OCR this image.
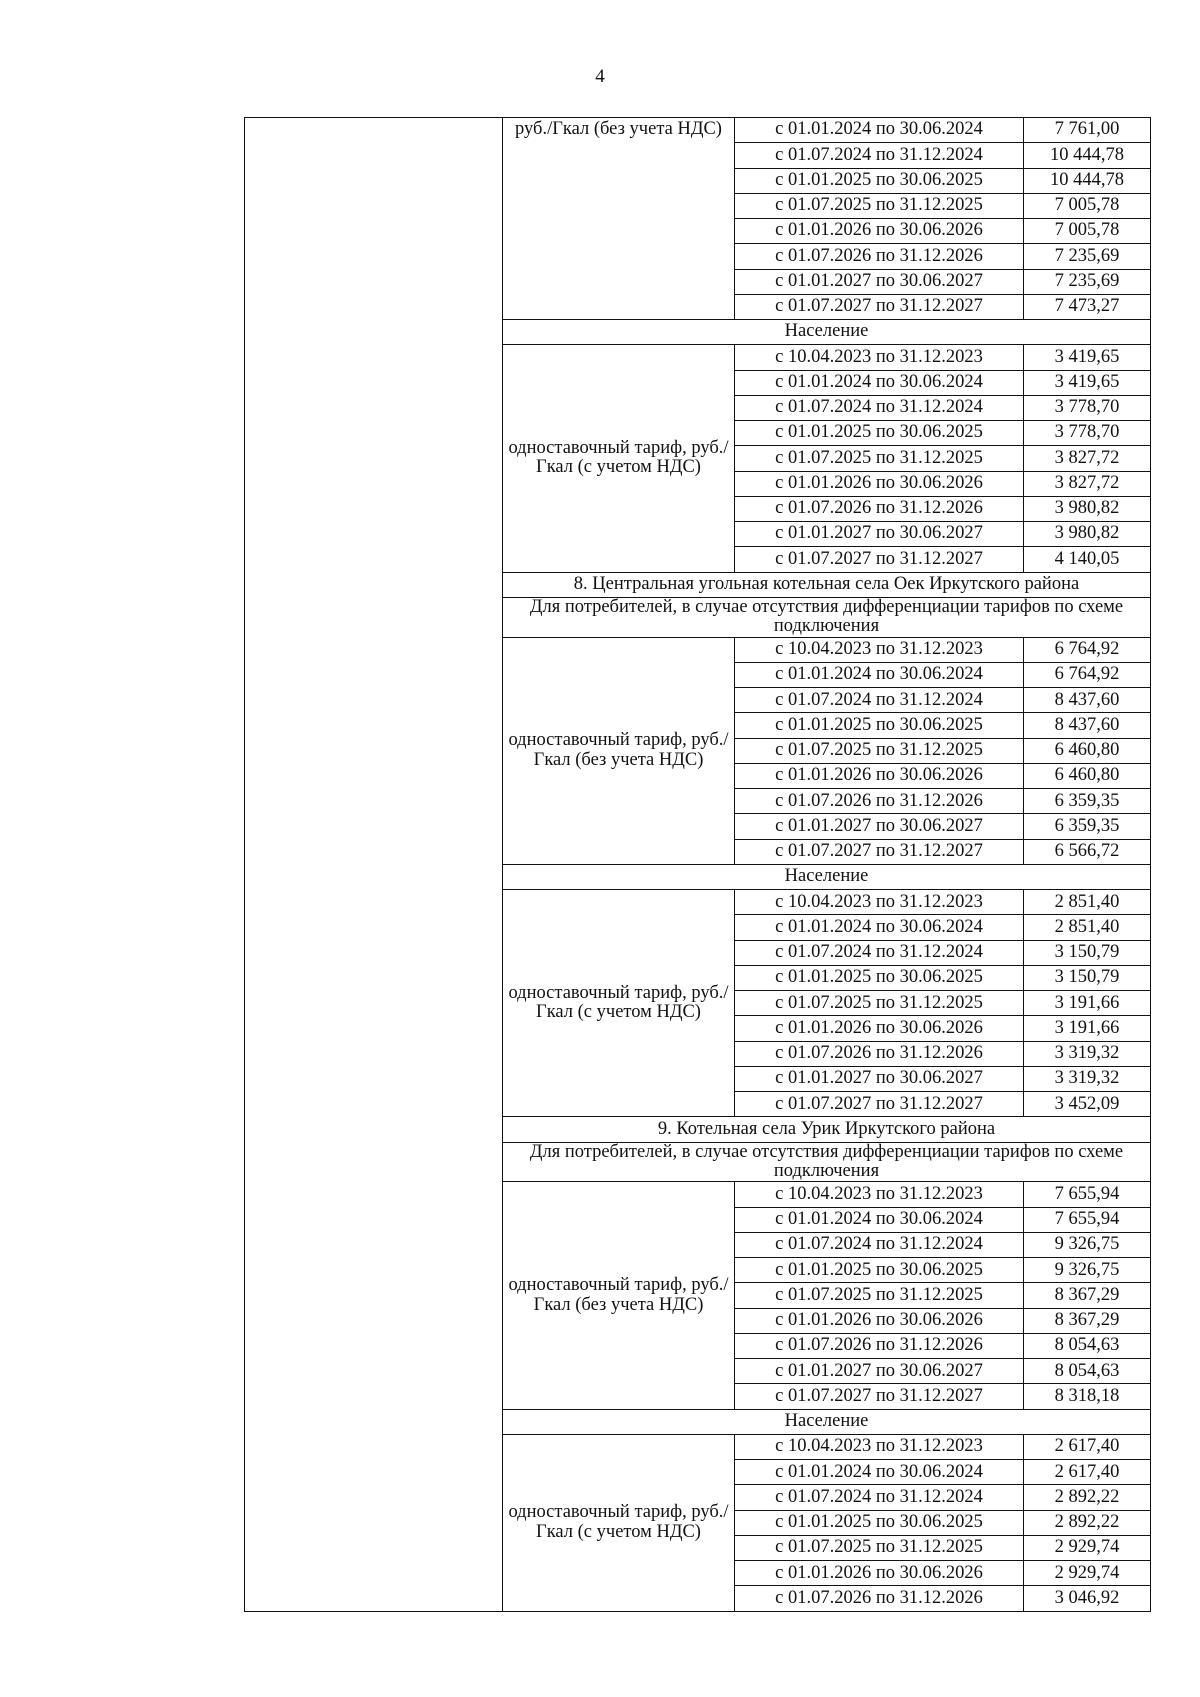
4
	руб./Гкал (без учета НДС)	с 01.01.2024 по 30.06.2024	7 761,00
		с 01.07.2024 по 31.12.2024	10 444,78
		с 01.01.2025 по 30.06.2025	10 444,78
		с 01.07.2025 по 31.12.2025	7 005,78
		с 01.01.2026 по 30.06.2026	7 005,78
		с 01.07.2026 по 31.12.2026	7 235,69
		с 01.01.2027 по 30.06.2027	7 235,69
		с 01.07.2027 по 31.12.2027	7 473,27
	Население		
	одноставочный тариф, руб./Гкал (с учетом НДС)	с 10.04.2023 по 31.12.2023	3 419,65
		с 01.01.2024 по 30.06.2024	3 419,65
		с 01.07.2024 по 31.12.2024	3 778,70
		с 01.01.2025 по 30.06.2025	3 778,70
		с 01.07.2025 по 31.12.2025	3 827,72
		с 01.01.2026 по 30.06.2026	3 827,72
		с 01.07.2026 по 31.12.2026	3 980,82
		с 01.01.2027 по 30.06.2027	3 980,82
		с 01.07.2027 по 31.12.2027	4 140,05
	8. Центральная угольная котельная села Оек Иркутского района		
	Для потребителей, в случае отсутствия дифференциации тарифов по схеме подключения		
	одноставочный тариф, руб./Гкал (без учета НДС)	с 10.04.2023 по 31.12.2023	6 764,92
		с 01.01.2024 по 30.06.2024	6 764,92
		с 01.07.2024 по 31.12.2024	8 437,60
		с 01.01.2025 по 30.06.2025	8 437,60
		с 01.07.2025 по 31.12.2025	6 460,80
		с 01.01.2026 по 30.06.2026	6 460,80
		с 01.07.2026 по 31.12.2026	6 359,35
		с 01.01.2027 по 30.06.2027	6 359,35
		с 01.07.2027 по 31.12.2027	6 566,72
	Население		
	одноставочный тариф, руб./Гкал (с учетом НДС)	с 10.04.2023 по 31.12.2023	2 851,40
		с 01.01.2024 по 30.06.2024	2 851,40
		с 01.07.2024 по 31.12.2024	3 150,79
		с 01.01.2025 по 30.06.2025	3 150,79
		с 01.07.2025 по 31.12.2025	3 191,66
		с 01.01.2026 по 30.06.2026	3 191,66
		с 01.07.2026 по 31.12.2026	3 319,32
		с 01.01.2027 по 30.06.2027	3 319,32
		с 01.07.2027 по 31.12.2027	3 452,09
	9. Котельная села Урик Иркутского района		
	Для потребителей, в случае отсутствия дифференциации тарифов по схеме подключения		
	одноставочный тариф, руб./Гкал (без учета НДС)	с 10.04.2023 по 31.12.2023	7 655,94
		с 01.01.2024 по 30.06.2024	7 655,94
		с 01.07.2024 по 31.12.2024	9 326,75
		с 01.01.2025 по 30.06.2025	9 326,75
		с 01.07.2025 по 31.12.2025	8 367,29
		с 01.01.2026 по 30.06.2026	8 367,29
		с 01.07.2026 по 31.12.2026	8 054,63
		с 01.01.2027 по 30.06.2027	8 054,63
		с 01.07.2027 по 31.12.2027	8 318,18
	Население		
	одноставочный тариф, руб./Гкал (с учетом НДС)	с 10.04.2023 по 31.12.2023	2 617,40
		с 01.01.2024 по 30.06.2024	2 617,40
		с 01.07.2024 по 31.12.2024	2 892,22
		с 01.01.2025 по 30.06.2025	2 892,22
		с 01.07.2025 по 31.12.2025	2 929,74
		с 01.01.2026 по 30.06.2026	2 929,74
		с 01.07.2026 по 31.12.2026	3 046,92
